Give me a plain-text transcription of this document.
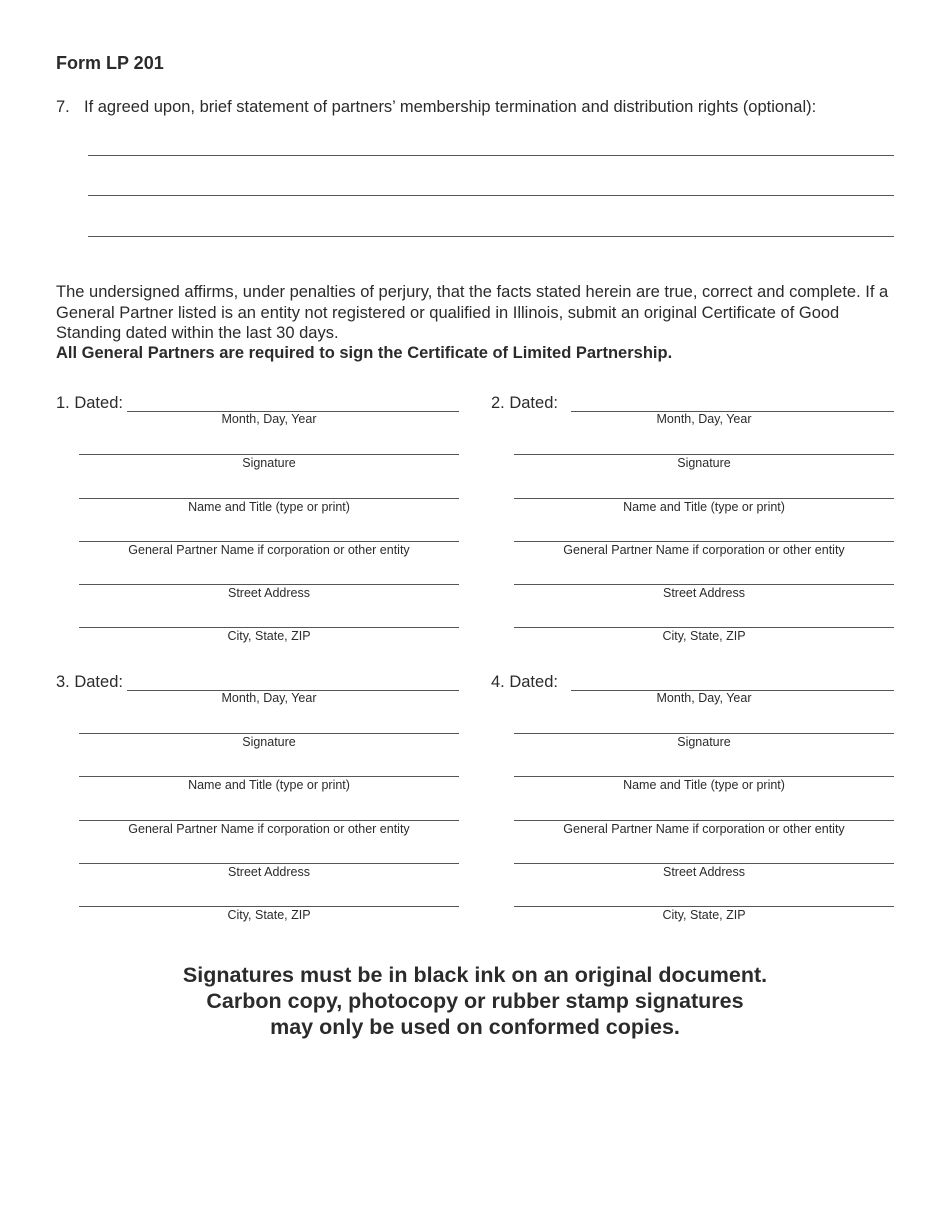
Form LP 201
7. If agreed upon, brief statement of partners’ membership termination and distribution rights (optional):
The undersigned affirms, under penalties of perjury, that the facts stated herein are true, correct and complete. If a General Partner listed is an entity not registered or qualified in Illinois, submit an original Certificate of Good Standing dated within the last 30 days.
All General Partners are required to sign the Certificate of Limited Partnership.
1. Dated:
Month, Day, Year
Signature
Name and Title (type or print)
General Partner Name if corporation or other entity
Street Address
City, State, ZIP
2. Dated:
Month, Day, Year
Signature
Name and Title (type or print)
General Partner Name if corporation or other entity
Street Address
City, State, ZIP
3. Dated:
Month, Day, Year
Signature
Name and Title (type or print)
General Partner Name if corporation or other entity
Street Address
City, State, ZIP
4. Dated:
Month, Day, Year
Signature
Name and Title (type or print)
General Partner Name if corporation or other entity
Street Address
City, State, ZIP
Signatures must be in black ink on an original document.
Carbon copy, photocopy or rubber stamp signatures
may only be used on conformed copies.
